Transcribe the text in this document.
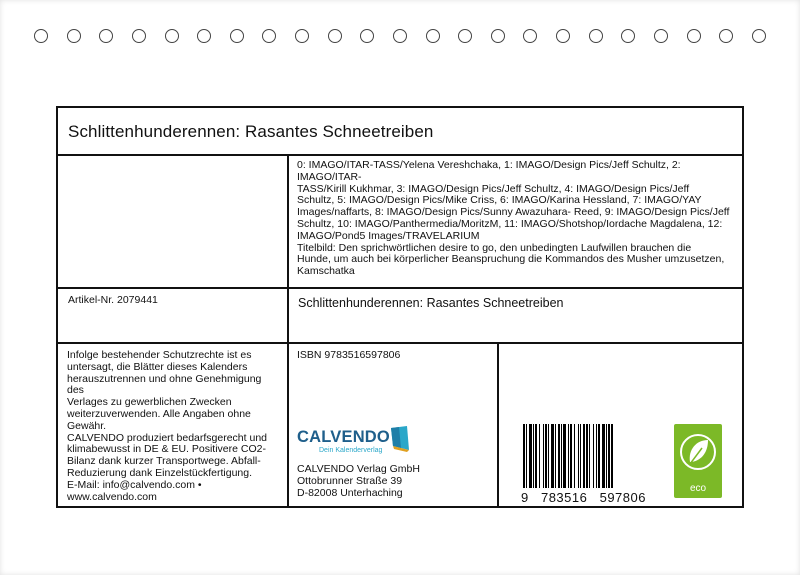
Schlittenhunderennen: Rasantes Schneetreiben
0: IMAGO/ITAR-TASS/Yelena Vereshchaka, 1: IMAGO/Design Pics/Jeff Schultz, 2: IMAGO/ITAR-
TASS/Kirill Kukhmar, 3: IMAGO/Design Pics/Jeff Schultz, 4: IMAGO/Design Pics/Jeff
Schultz, 5: IMAGO/Design Pics/Mike Criss, 6: IMAGO/Karina Hessland, 7: IMAGO/YAY
Images/naffarts, 8: IMAGO/Design Pics/Sunny Awazuhara- Reed, 9: IMAGO/Design Pics/Jeff
Schultz, 10: IMAGO/Panthermedia/MoritzM, 11: IMAGO/Shotshop/Iordache Magdalena, 12:
IMAGO/Pond5 Images/TRAVELARIUM
Titelbild: Den sprichwörtlichen desire to go, den unbedingten Laufwillen brauchen die
Hunde, um auch bei körperlicher Beanspruchung die Kommandos des Musher umzusetzen,
Kamschatka
Artikel-Nr. 2079441	Schlittenhunderennen: Rasantes Schneetreiben
Infolge bestehender Schutzrechte ist es
untersagt, die Blätter dieses Kalenders
herauszutrennen und ohne Genehmigung des
Verlages zu gewerblichen Zwecken
weiterzuverwenden. Alle Angaben ohne
Gewähr.
CALVENDO produziert bedarfsgerecht und
klimabewusst in DE & EU. Positivere CO2-
Bilanz dank kurzer Transportwege. Abfall-
Reduzierung dank Einzelstückfertigung.
E-Mail: info@calvendo.com •
www.calvendo.com
ISBN 9783516597806
CALVENDO
Dein Kalenderverlag
CALVENDO Verlag GmbH
Ottobrunner Straße 39
D-82008 Unterhaching	9 783516 597806
eco
